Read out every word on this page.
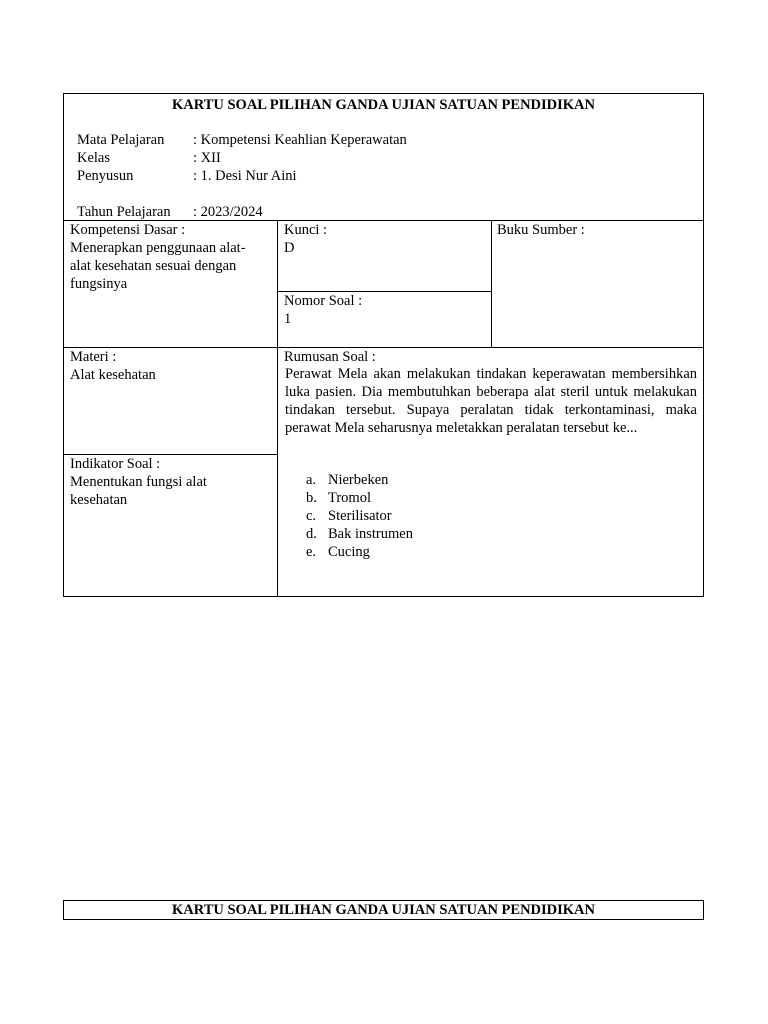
KARTU SOAL PILIHAN GANDA UJIAN SATUAN PENDIDIKAN
Mata Pelajaran	: Kompetensi Keahlian Keperawatan
Kelas	: XII
Penyusun	: 1. Desi Nur Aini
Tahun Pelajaran	: 2023/2024
Kompetensi Dasar :
Menerapkan penggunaan alat-
alat kesehatan sesuai dengan
fungsinya
Kunci :
D
Buku Sumber :
Nomor Soal :
1
Materi :
Alat kesehatan
Indikator Soal :
Menentukan fungsi alat
kesehatan
Rumusan Soal :
Perawat Mela akan melakukan tindakan keperawatan membersihkan luka pasien. Dia membutuhkan beberapa alat steril untuk melakukan tindakan tersebut. Supaya peralatan tidak terkontaminasi, maka perawat Mela seharusnya meletakkan peralatan tersebut ke...
a. Nierbeken
b. Tromol
c. Sterilisator
d. Bak instrumen
e. Cucing
KARTU SOAL PILIHAN GANDA UJIAN SATUAN PENDIDIKAN
